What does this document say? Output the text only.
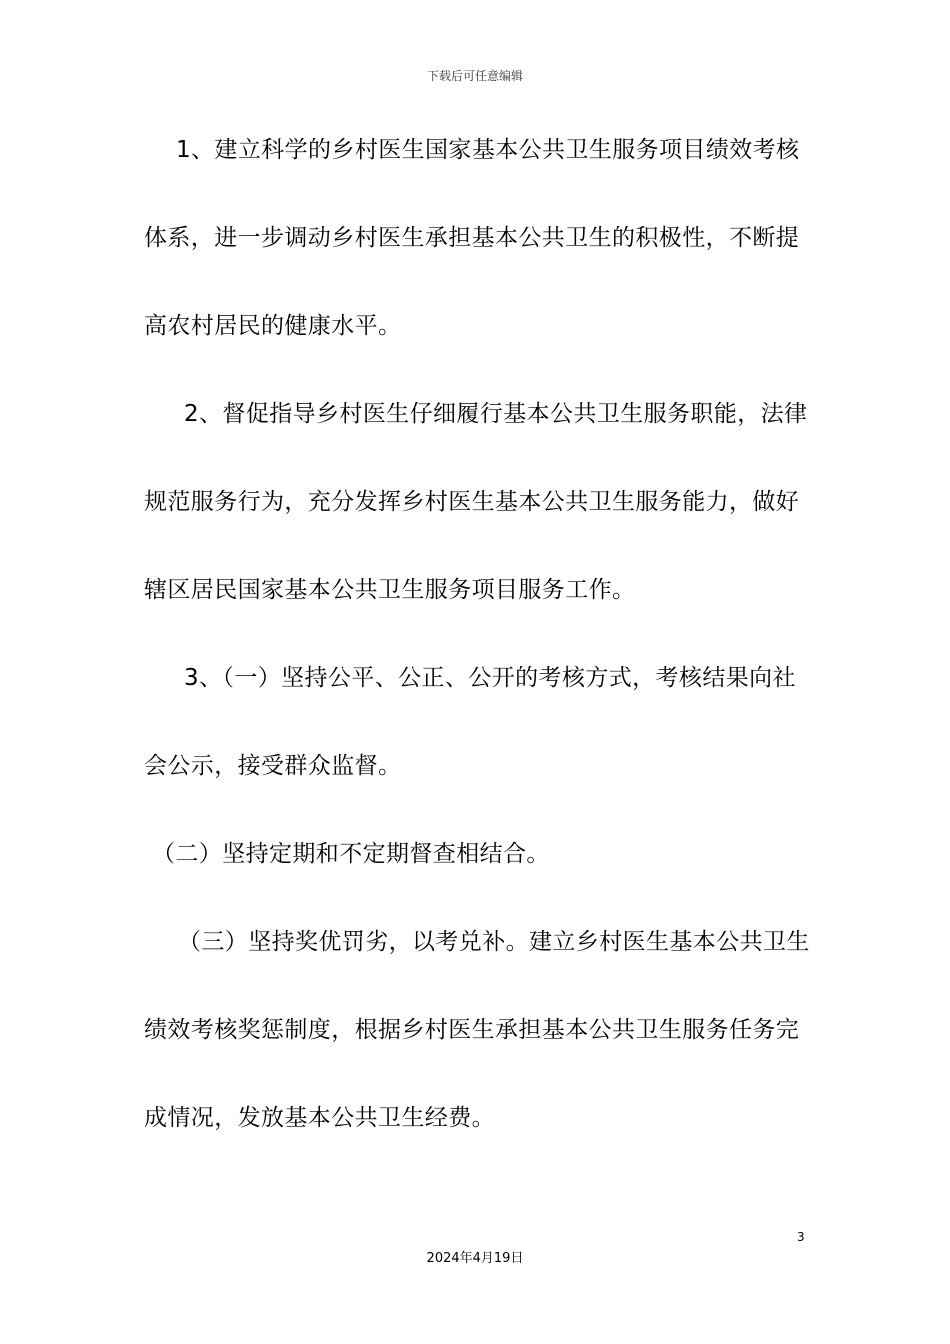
下载后可任意编辑
1、建立科学的乡村医生国家基本公共卫生服务项目绩效考核
体系，进一步调动乡村医生承担基本公共卫生的积极性，不断提
高农村居民的健康水平。
2、督促指导乡村医生仔细履行基本公共卫生服务职能，法律
规范服务行为，充分发挥乡村医生基本公共卫生服务能力，做好
辖区居民国家基本公共卫生服务项目服务工作。
3、（一）坚持公平、公正、公开的考核方式，考核结果向社
会公示，接受群众监督。
（二）坚持定期和不定期督查相结合。
（三）坚持奖优罚劣，以考兑补。建立乡村医生基本公共卫生
绩效考核奖惩制度，根据乡村医生承担基本公共卫生服务任务完
成情况，发放基本公共卫生经费。
3
2024年4月19日
